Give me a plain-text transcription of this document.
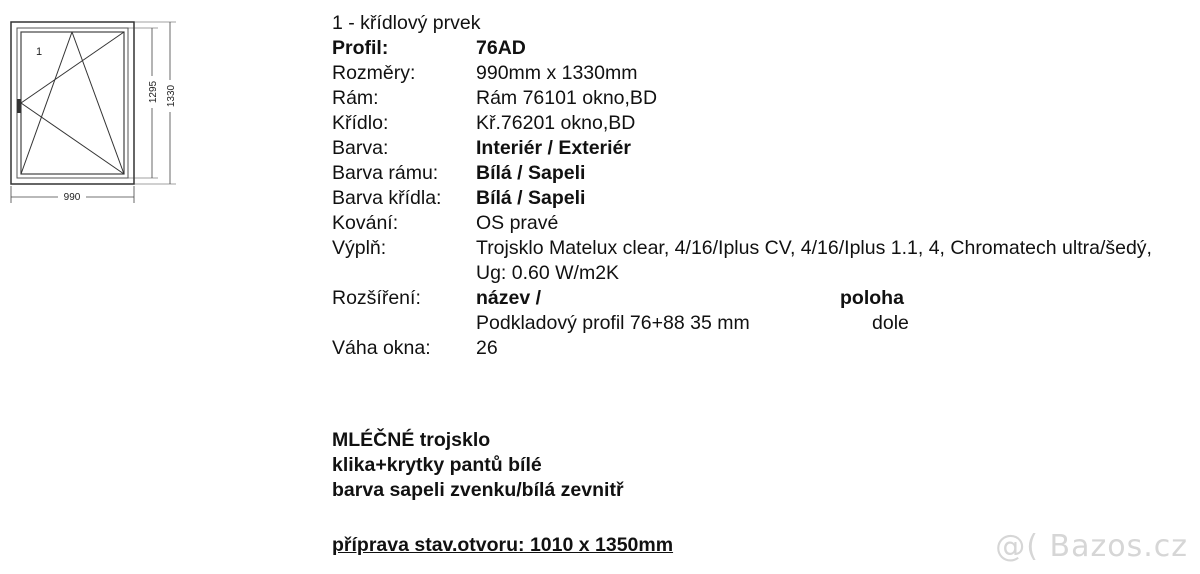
1
990
1295 1330
1 - křídlový prvek
Profil:	76AD
Rozměry:	990mm x 1330mm
Rám:	Rám 76101 okno,BD
Křídlo:	Kř.76201 okno,BD
Barva:	Interiér / Exteriér
Barva rámu: Bílá / Sapeli
Barva křídla: Bílá / Sapeli
Kování:	OS pravé
Výplň:	Trojsklo Matelux clear, 4/16/Iplus CV, 4/16/Iplus 1.1, 4, Chromatech ultra/šedý, Ug: 0.60 W/m2K
Rozšíření:	název /	poloha
Podkladový profil 76+88 35 mm	dole
Váha okna: 26
MLÉČNÉ trojsklo
klika+krytky pantů bílé
barva sapeli zvenku/bílá zevnitř
příprava stav.otvoru: 1010 x 1350mm	@( Bazos.cz
